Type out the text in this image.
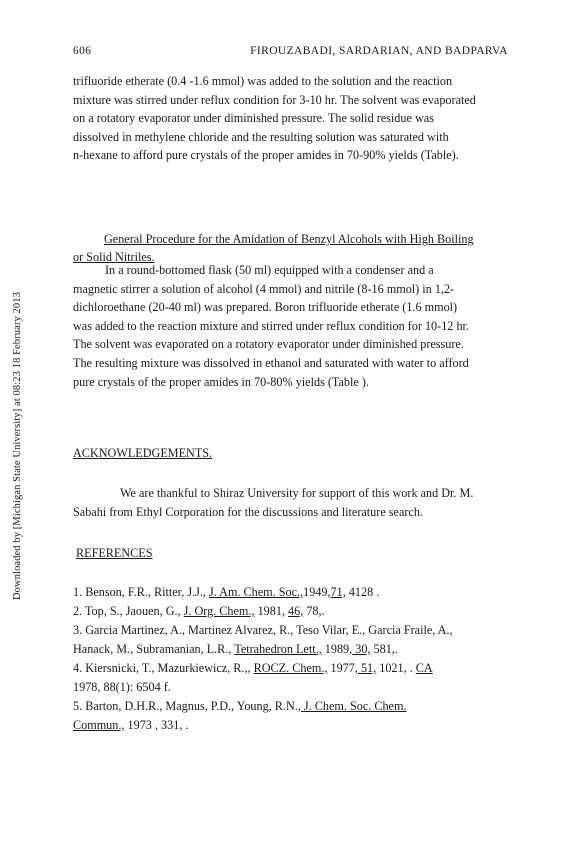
606	FIROUZABADI, SARDARIAN, AND BADPARVA
Downloaded by [Michigan State University] at 08:23 18 February 2013

trifluoride etherate (0.4 -1.6 mmol) was added to the solution and the reaction
mixture was stirred under reflux condition for 3-10 hr. The solvent was evaporated
on a rotatory evaporator under diminished pressure. The solid residue was
dissolved in methylene chloride and the resulting solution was saturated with
n-hexane to afford pure crystals of the proper amides in 70-90% yields (Table).

General Procedure for the Amidation of Benzyl Alcohols with High Boiling
or Solid Nitriles.

In a round-bottomed flask (50 ml) equipped with a condenser and a
magnetic stirrer a solution of alcohol (4 mmol) and nitrile (8-16 mmol) in 1,2-
dichloroethane (20-40 ml) was prepared. Boron trifluoride etherate (1.6 mmol)
was added to the reaction mixture and stirred under reflux condition for 10-12 hr.
The solvent was evaporated on a rotatory evaporator under diminished pressure.
The resulting mixture was dissolved in ethanol and saturated with water to afford
pure crystals of the proper amides in 70-80% yields (Table ).

ACKNOWLEDGEMENTS.

We are thankful to Shiraz University for support of this work and Dr. M.
Sabahi from Ethyl Corporation for the discussions and literature search.

REFERENCES
1. Benson, F.R., Ritter, J.J., J. Am. Chem. Soc.,1949,71, 4128 .
2. Top, S., Jaouen, G., J. Org. Chem., 1981, 46, 78,.
3. Garcia Martinez, A., Martinez Alvarez, R., Teso Vilar, E., Garcia Fraile, A.,
Hanack, M., Subramanian, L.R., Tetrahedron Lett., 1989, 30, 581,.
4. Kiersnicki, T., Mazurkiewicz, R.,, ROCZ. Chem., 1977, 51, 1021, . CA
1978, 88(1): 6504 f.
5. Barton, D.H.R., Magnus, P.D., Young, R.N., J. Chem. Soc. Chem.
Commun., 1973 , 331, .
